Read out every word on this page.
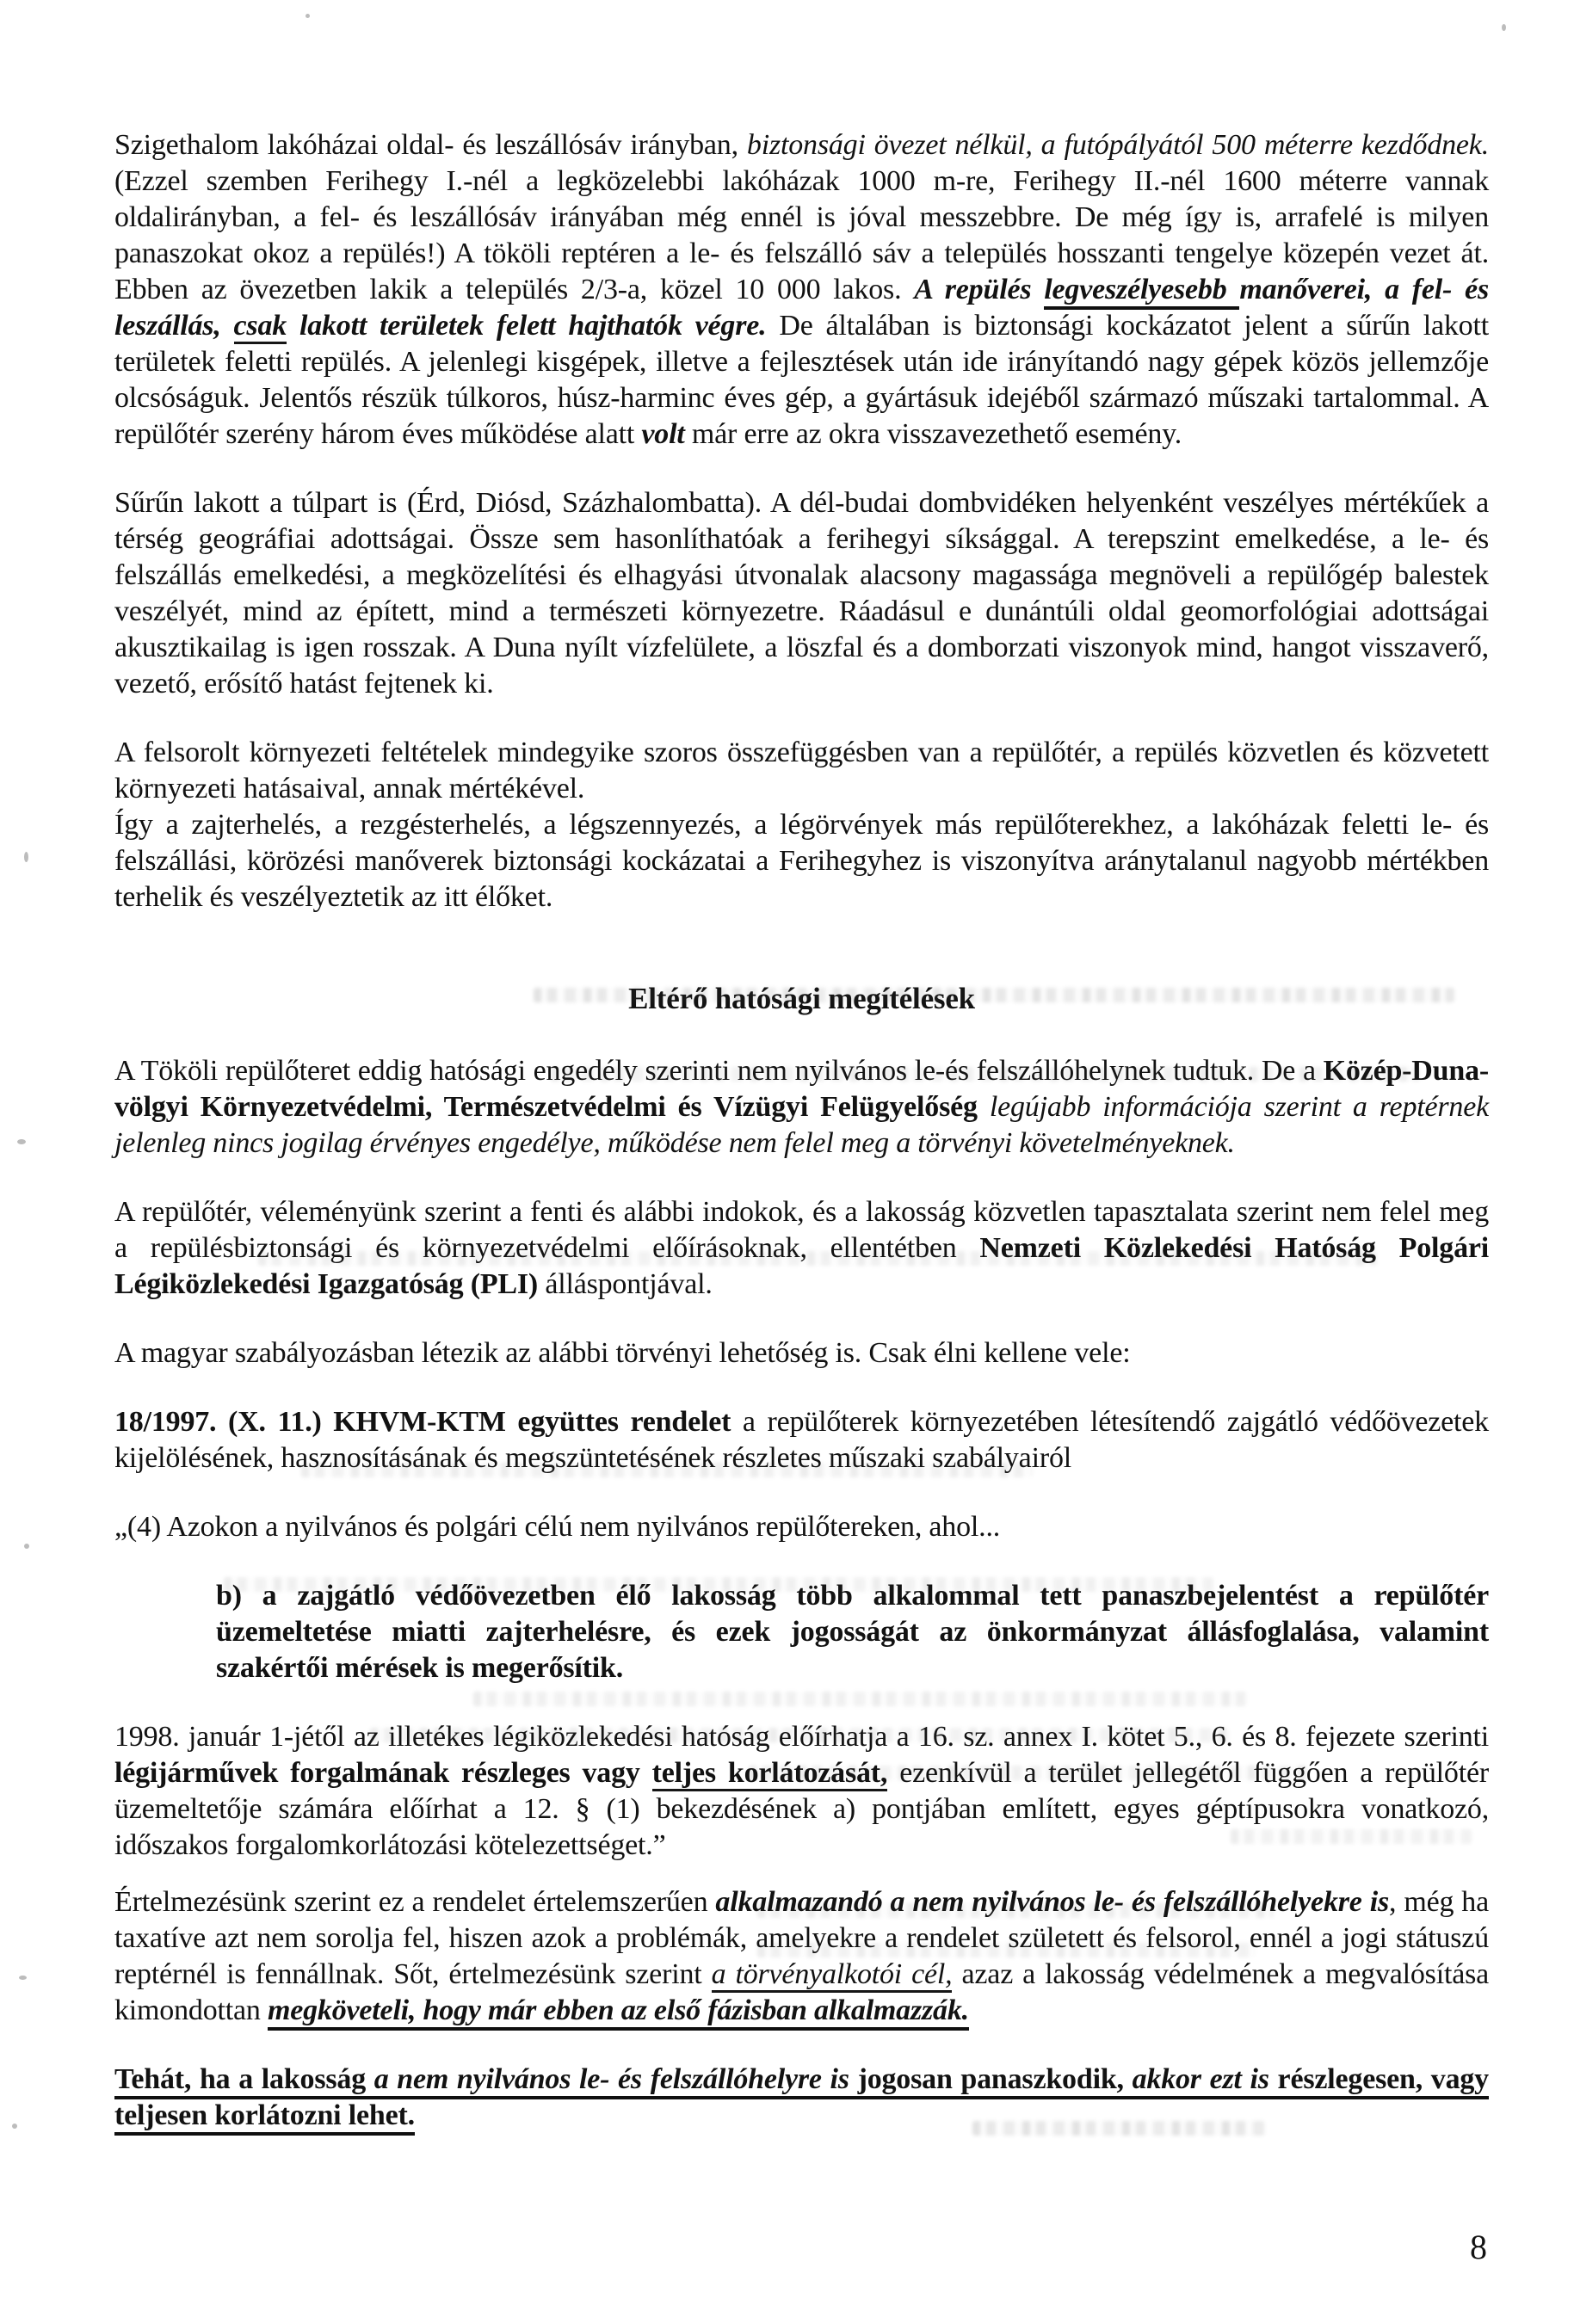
Szigethalom lakóházai oldal- és leszállósáv irányban, biztonsági övezet nélkül, a futópályától 500 méterre kezdődnek. (Ezzel szemben Ferihegy I.-nél a legközelebbi lakóházak 1000 m-re, Ferihegy II.-nél 1600 méterre vannak oldalirányban, a fel- és leszállósáv irányában még ennél is jóval messzebbre. De még így is, arrafelé is milyen panaszokat okoz a repülés!) A tököli reptéren a le- és felszálló sáv a település hosszanti tengelye közepén vezet át. Ebben az övezetben lakik a település 2/3-a, közel 10 000 lakos. A repülés legveszélyesebb manőverei, a fel- és leszállás, csak lakott területek felett hajthatók végre. De általában is biztonsági kockázatot jelent a sűrűn lakott területek feletti repülés. A jelenlegi kisgépek, illetve a fejlesztések után ide irányítandó nagy gépek közös jellemzője olcsóságuk. Jelentős részük túlkoros, húsz-harminc éves gép, a gyártásuk idejéből származó műszaki tartalommal. A repülőtér szerény három éves működése alatt volt már erre az okra visszavezethető esemény.

Sűrűn lakott a túlpart is (Érd, Diósd, Százhalombatta). A dél-budai dombvidéken helyenként veszélyes mértékűek a térség geográfiai adottságai. Össze sem hasonlíthatóak a ferihegyi síksággal. A terepszint emelkedése, a le- és felszállás emelkedési, a megközelítési és elhagyási útvonalak alacsony magassága megnöveli a repülőgép balestek veszélyét, mind az épített, mind a természeti környezetre. Ráadásul e dunántúli oldal geomorfológiai adottságai akusztikailag is igen rosszak. A Duna nyílt vízfelülete, a löszfal és a domborzati viszonyok mind, hangot visszaverő, vezető, erősítő hatást fejtenek ki.

A felsorolt környezeti feltételek mindegyike szoros összefüggésben van a repülőtér, a repülés közvetlen és közvetett környezeti hatásaival, annak mértékével.

Így a zajterhelés, a rezgésterhelés, a légszennyezés, a légörvények más repülőterekhez, a lakóházak feletti le- és felszállási, körözési manőverek biztonsági kockázatai a Ferihegyhez is viszonyítva aránytalanul nagyobb mértékben terhelik és veszélyeztetik az itt élőket.

Eltérő hatósági megítélések

A Tököli repülőteret eddig hatósági engedély szerinti nem nyilvános le-és felszállóhelynek tudtuk. De a Közép-Duna-völgyi Környezetvédelmi, Természetvédelmi és Vízügyi Felügyelőség legújabb információja szerint a reptérnek jelenleg nincs jogilag érvényes engedélye, működése nem felel meg a törvényi követelményeknek.

A repülőtér, véleményünk szerint a fenti és alábbi indokok, és a lakosság közvetlen tapasztalata szerint nem felel meg a repülésbiztonsági és környezetvédelmi előírásoknak, ellentétben Nemzeti Közlekedési Hatóság Polgári Légiközlekedési Igazgatóság (PLI) álláspontjával.

A magyar szabályozásban létezik az alábbi törvényi lehetőség is. Csak élni kellene vele:

18/1997. (X. 11.) KHVM-KTM együttes rendelet a repülőterek környezetében létesítendő zajgátló védőövezetek kijelölésének, hasznosításának és megszüntetésének részletes műszaki szabályairól

„(4) Azokon a nyilvános és polgári célú nem nyilvános repülőtereken, ahol...

b) a zajgátló védőövezetben élő lakosság több alkalommal tett panaszbejelentést a repülőtér üzemeltetése miatti zajterhelésre, és ezek jogosságát az önkormányzat állásfoglalása, valamint szakértői mérések is megerősítik.

1998. január 1-jétől az illetékes légiközlekedési hatóság előírhatja a 16. sz. annex I. kötet 5., 6. és 8. fejezete szerinti légijárművek forgalmának részleges vagy teljes korlátozását, ezenkívül a terület jellegétől függően a repülőtér üzemeltetője számára előírhat a 12. § (1) bekezdésének a) pontjában említett, egyes géptípusokra vonatkozó, időszakos forgalomkorlátozási kötelezettséget.”

Értelmezésünk szerint ez a rendelet értelemszerűen alkalmazandó a nem nyilvános le- és felszállóhelyekre is, még ha taxatíve azt nem sorolja fel, hiszen azok a problémák, amelyekre a rendelet született és felsorol, ennél a jogi státuszú reptérnél is fennállnak. Sőt, értelmezésünk szerint a törvényalkotói cél, azaz a lakosság védelmének a megvalósítása kimondottan megköveteli, hogy már ebben az első fázisban alkalmazzák.

Tehát, ha a lakosság a nem nyilvános le- és felszállóhelyre is jogosan panaszkodik, akkor ezt is részlegesen, vagy teljesen korlátozni lehet.

8
